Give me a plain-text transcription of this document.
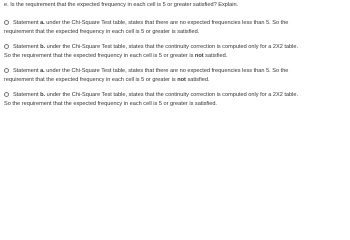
e. Is the requirement that the expected frequency in each cell is 5 or greater satisfied? Explain.
Statement a. under the Chi-Square Test table, states that there are no expected frequencies less than 5. So the
requirement that the expected frequency in each cell is 5 or greater is satisfied.
Statement b. under the Chi-Square Test table, states that the continuity correction is computed only for a 2X2 table.
So the requirement that the expected frequency in each cell is 5 or greater is not satisfied.
Statement a. under the Chi-Square Test table, states that there are no expected frequencies less than 5. So the
requirement that the expected frequency in each cell is 5 or greater is not satisfied.
Statement b. under the Chi-Square Test table, states that the continuity correction is computed only for a 2X2 table.
So the requirement that the expected frequency in each cell is 5 or greater is satisfied.
